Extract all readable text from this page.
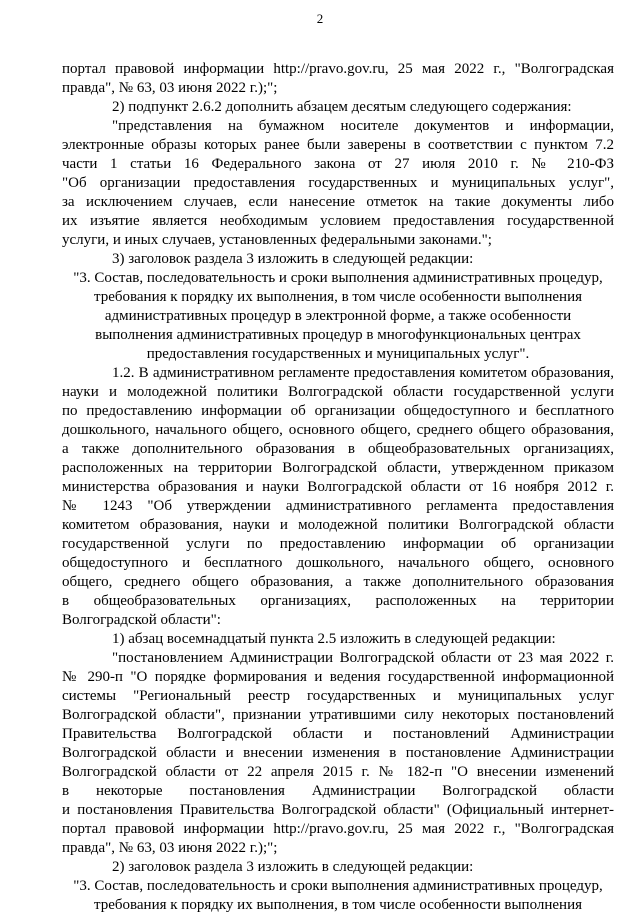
2
портал правовой информации http://pravo.gov.ru, 25 мая 2022 г., "Волгоградская
правда", № 63, 03 июня 2022 г.);";
2) подпункт 2.6.2 дополнить абзацем десятым следующего содержания:
"представления на бумажном носителе документов и информации,
электронные образы которых ранее были заверены в соответствии с пунктом 7.2
части 1 статьи 16 Федерального закона от 27 июля 2010 г. № 210-ФЗ
"Об организации предоставления государственных и муниципальных услуг",
за исключением случаев, если нанесение отметок на такие документы либо
их изъятие является необходимым условием предоставления государственной
услуги, и иных случаев, установленных федеральными законами.";
3) заголовок раздела 3 изложить в следующей редакции:
"3. Состав, последовательность и сроки выполнения административных процедур,
требования к порядку их выполнения, в том числе особенности выполнения
административных процедур в электронной форме, а также особенности
выполнения административных процедур в многофункциональных центрах
предоставления государственных и муниципальных услуг".
1.2. В административном регламенте предоставления комитетом образования,
науки и молодежной политики Волгоградской области государственной услуги
по предоставлению информации об организации общедоступного и бесплатного
дошкольного, начального общего, основного общего, среднего общего образования,
а также дополнительного образования в общеобразовательных организациях,
расположенных на территории Волгоградской области, утвержденном приказом
министерства образования и науки Волгоградской области от 16 ноября 2012 г.
№ 1243 "Об утверждении административного регламента предоставления
комитетом образования, науки и молодежной политики Волгоградской области
государственной услуги по предоставлению информации об организации
общедоступного и бесплатного дошкольного, начального общего, основного
общего, среднего общего образования, а также дополнительного образования
в общеобразовательных организациях, расположенных на территории
Волгоградской области":
1) абзац восемнадцатый пункта 2.5 изложить в следующей редакции:
"постановлением Администрации Волгоградской области от 23 мая 2022 г.
№ 290-п "О порядке формирования и ведения государственной информационной
системы "Региональный реестр государственных и муниципальных услуг
Волгоградской области", признании утратившими силу некоторых постановлений
Правительства Волгоградской области и постановлений Администрации
Волгоградской области и внесении изменения в постановление Администрации
Волгоградской области от 22 апреля 2015 г. № 182-п "О внесении изменений
в некоторые постановления Администрации Волгоградской области
и постановления Правительства Волгоградской области" (Официальный интернет-
портал правовой информации http://pravo.gov.ru, 25 мая 2022 г., "Волгоградская
правда", № 63, 03 июня 2022 г.);";
2) заголовок раздела 3 изложить в следующей редакции:
"3. Состав, последовательность и сроки выполнения административных процедур,
требования к порядку их выполнения, в том числе особенности выполнения
